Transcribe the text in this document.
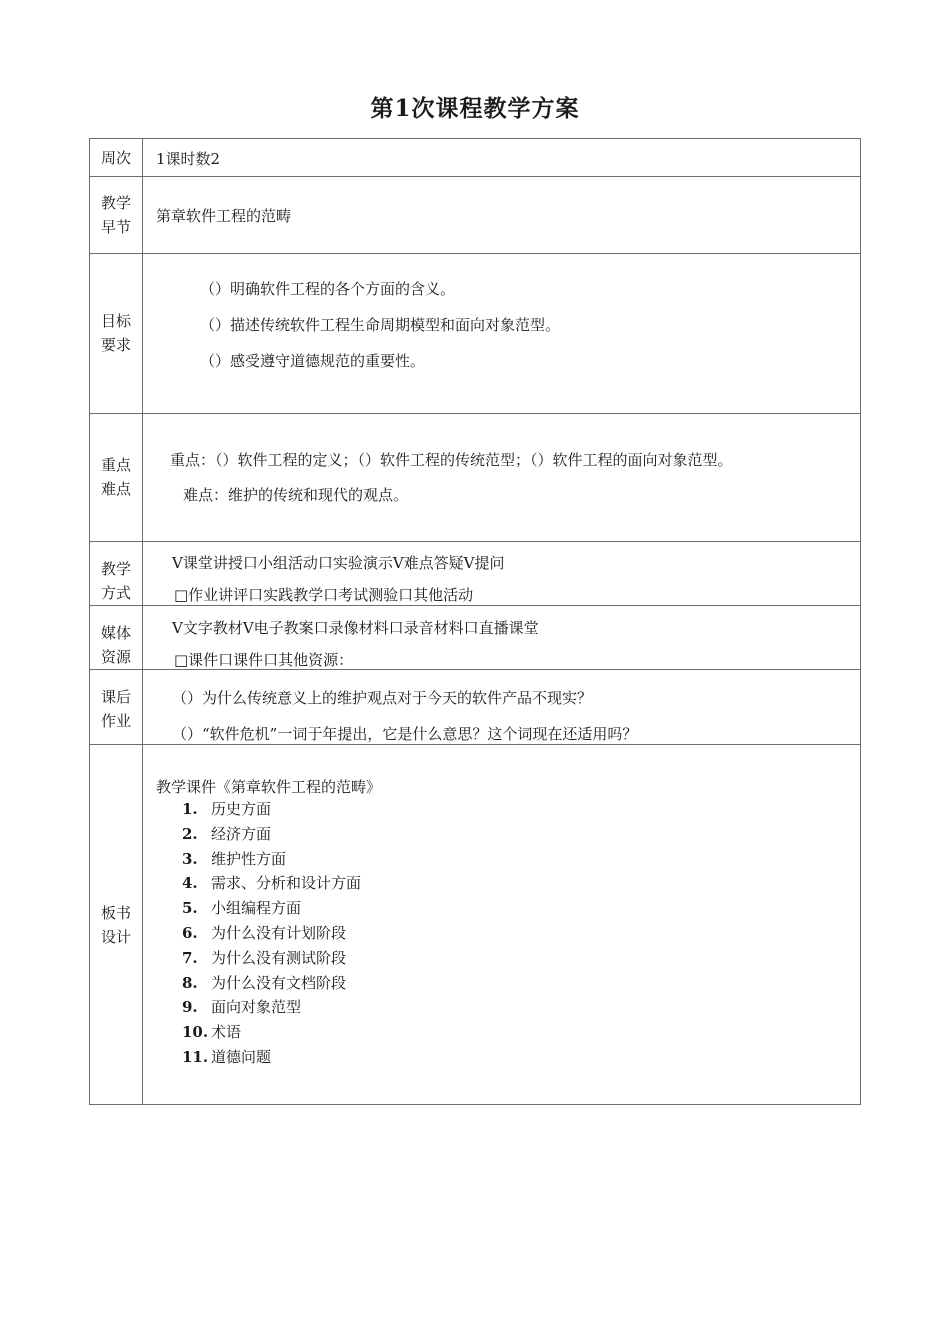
第1次课程教学方案
周次	1课时数2
教学
早节
第章软件工程的范畴
目标
要求
（）明确软件工程的各个方面的含义。
（）描述传统软件工程生命周期模型和面向对象范型。
（）感受遵守道德规范的重要性。
重点
难点
重点：（）软件工程的定义；（）软件工程的传统范型；（）软件工程的面向对象范型。
难点：维护的传统和现代的观点。
教学
方式
V课堂讲授口小组活动口实验演示V难点答疑V提问
□作业讲评口实践教学口考试测验口其他活动
媒体
资源
V文字教材V电子教案口录像材料口录音材料口直播课堂
□课件口课件口其他资源：
课后
作业
（）为什么传统意义上的维护观点对于今天的软件产品不现实？
（）“软件危机”一词于年提出，它是什么意思？这个词现在还适用吗？
板书
设计
教学课件《第章软件工程的范畴》
1. 历史方面
2. 经济方面
3. 维护性方面
4. 需求、分析和设计方面
5. 小组编程方面
6. 为什么没有计划阶段
7. 为什么没有测试阶段
8. 为什么没有文档阶段
9. 面向对象范型
10. 术语
11. 道德问题
